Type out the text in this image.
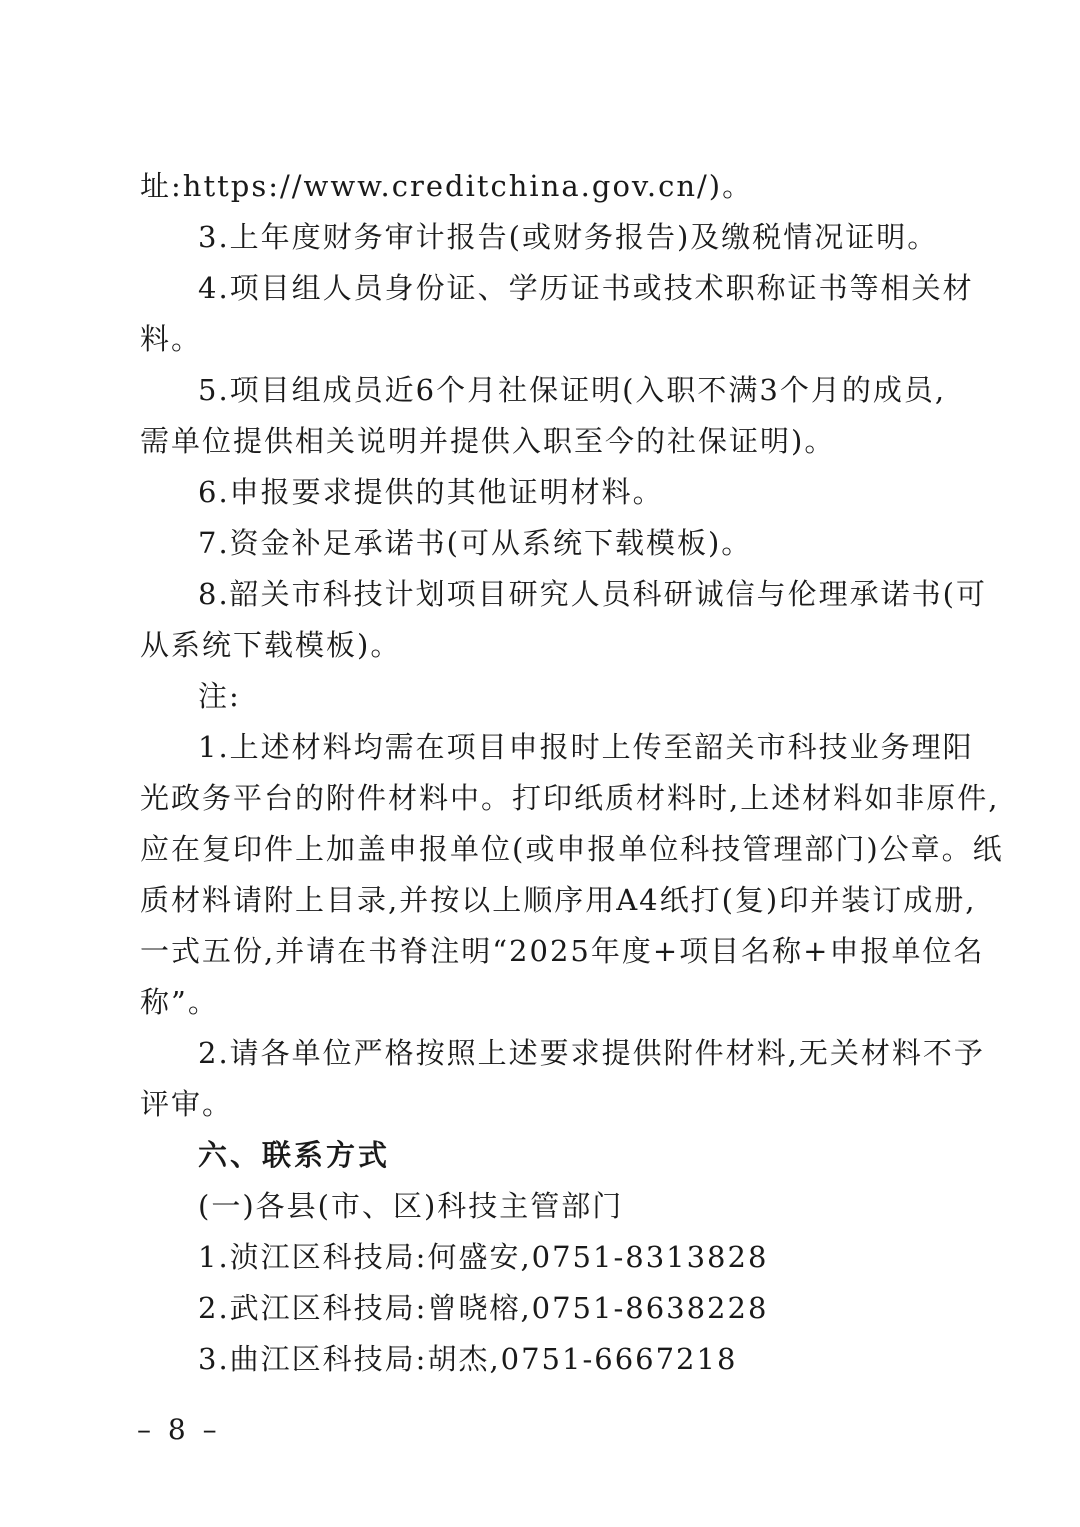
址:https://www.creditchina.gov.cn/)。
3.上年度财务审计报告(或财务报告)及缴税情况证明。
4.项目组人员身份证、学历证书或技术职称证书等相关材
料。
5.项目组成员近6个月社保证明(入职不满3个月的成员,
需单位提供相关说明并提供入职至今的社保证明)。
6.申报要求提供的其他证明材料。
7.资金补足承诺书(可从系统下载模板)。
8.韶关市科技计划项目研究人员科研诚信与伦理承诺书(可
从系统下载模板)。
注:
1.上述材料均需在项目申报时上传至韶关市科技业务理阳
光政务平台的附件材料中。打印纸质材料时,上述材料如非原件,
应在复印件上加盖申报单位(或申报单位科技管理部门)公章。纸
质材料请附上目录,并按以上顺序用A4纸打(复)印并装订成册,
一式五份,并请在书脊注明“2025年度+项目名称+申报单位名
称”。
2.请各单位严格按照上述要求提供附件材料,无关材料不予
评审。
六、联系方式
(一)各县(市、区)科技主管部门
1.浈江区科技局:何盛安,0751-8313828
2.武江区科技局:曾晓榕,0751-8638228
3.曲江区科技局:胡杰,0751-6667218
– 8 –
